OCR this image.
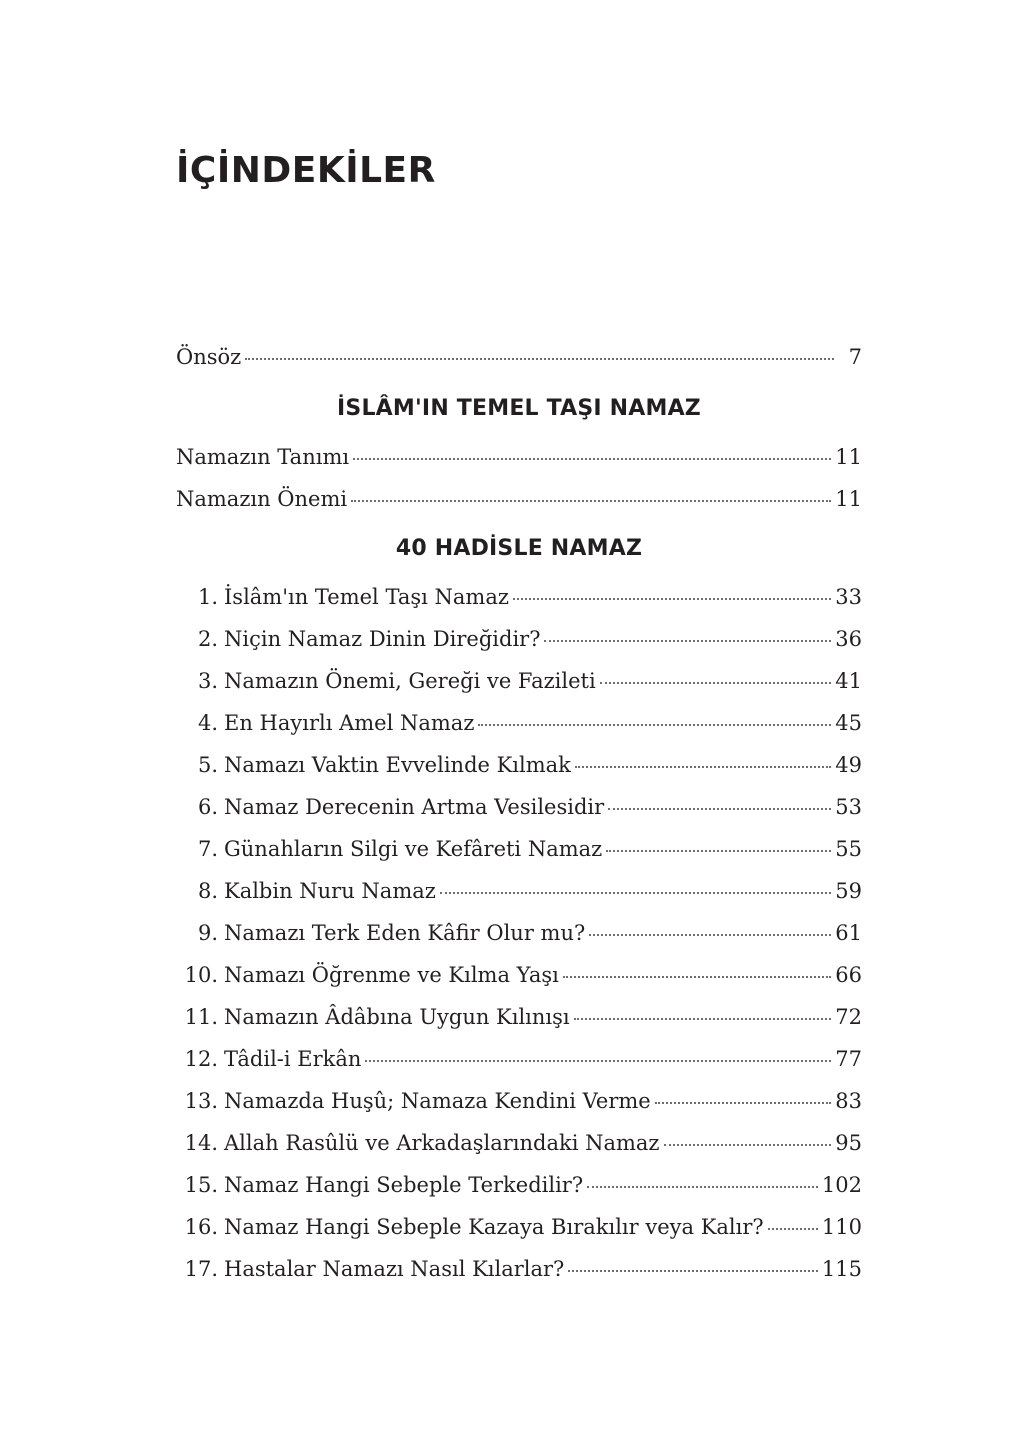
İÇİNDEKİLER
Önsöz	7
İSLÂM'IN TEMEL TAŞI NAMAZ
Namazın Tanımı	11
Namazın Önemi	11
40 HADİSLE NAMAZ
1. İslâm'ın Temel Taşı Namaz	33
2. Niçin Namaz Dinin Direğidir?	36
3. Namazın Önemi, Gereği ve Fazileti	41
4. En Hayırlı Amel Namaz	45
5. Namazı Vaktin Evvelinde Kılmak	49
6. Namaz Derecenin Artma Vesilesidir	53
7. Günahların Silgi ve Kefâreti Namaz	55
8. Kalbin Nuru Namaz	59
9. Namazı Terk Eden Kâfir Olur mu?	61
10. Namazı Öğrenme ve Kılma Yaşı	66
11. Namazın Âdâbına Uygun Kılınışı	72
12. Tâdil-i Erkân	77
13. Namazda Huşû; Namaza Kendini Verme	83
14. Allah Rasûlü ve Arkadaşlarındaki Namaz	95
15. Namaz Hangi Sebeple Terkedilir?	102
16. Namaz Hangi Sebeple Kazaya Bırakılır veya Kalır?	110
17. Hastalar Namazı Nasıl Kılarlar?	115
